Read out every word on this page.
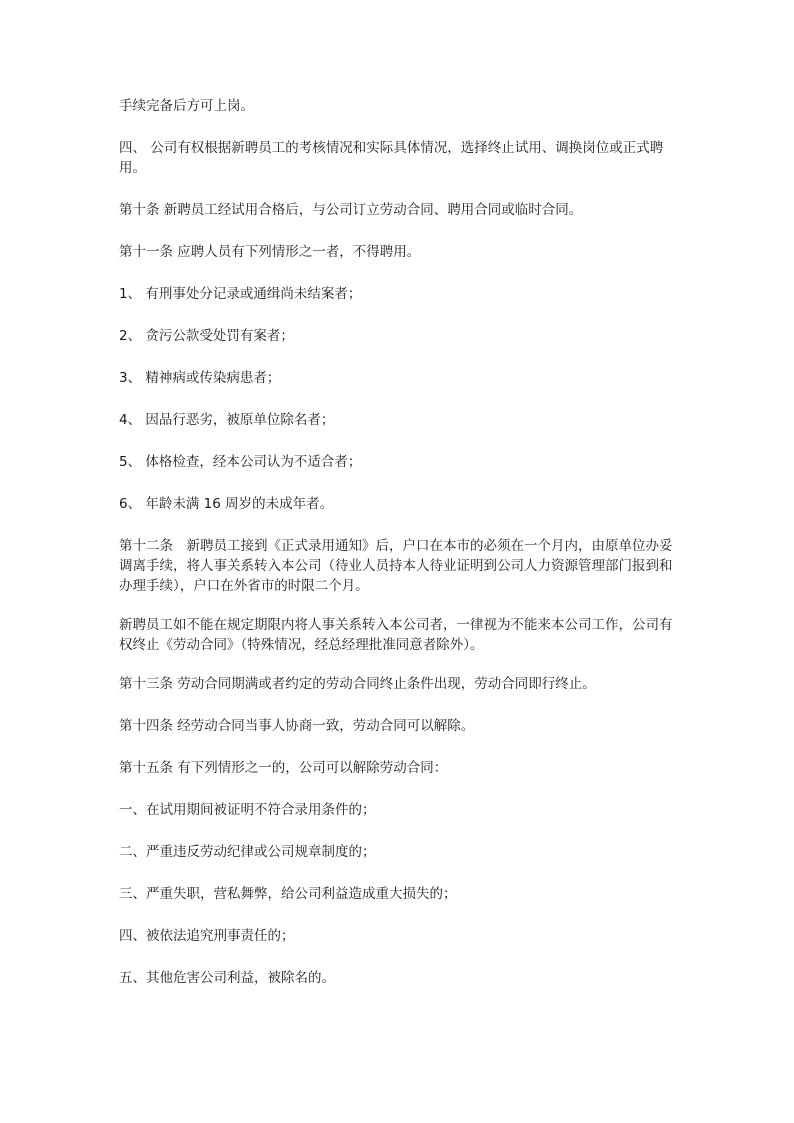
手续完备后方可上岗。

四、 公司有权根据新聘员工的考核情况和实际具体情况，选择终止试用、调换岗位或正式聘用。

第十条 新聘员工经试用合格后，与公司订立劳动合同、聘用合同或临时合同。

第十一条 应聘人员有下列情形之一者，不得聘用。

1、 有刑事处分记录或通缉尚未结案者；

2、 贪污公款受处罚有案者；

3、 精神病或传染病患者；

4、 因品行恶劣，被原单位除名者；

5、 体格检查，经本公司认为不适合者；

6、 年龄未满 16 周岁的未成年者。

第十二条　新聘员工接到《正式录用通知》后，户口在本市的必须在一个月内，由原单位办妥调离手续，将人事关系转入本公司（待业人员持本人待业证明到公司人力资源管理部门报到和办理手续），户口在外省市的时限二个月。

新聘员工如不能在规定期限内将人事关系转入本公司者，一律视为不能来本公司工作，公司有权终止《劳动合同》（特殊情况，经总经理批准同意者除外）。

第十三条 劳动合同期满或者约定的劳动合同终止条件出现，劳动合同即行终止。

第十四条 经劳动合同当事人协商一致，劳动合同可以解除。

第十五条 有下列情形之一的，公司可以解除劳动合同：

一、在试用期间被证明不符合录用条件的；

二、严重违反劳动纪律或公司规章制度的；

三、严重失职，营私舞弊，给公司利益造成重大损失的；

四、被依法追究刑事责任的；

五、其他危害公司利益，被除名的。
